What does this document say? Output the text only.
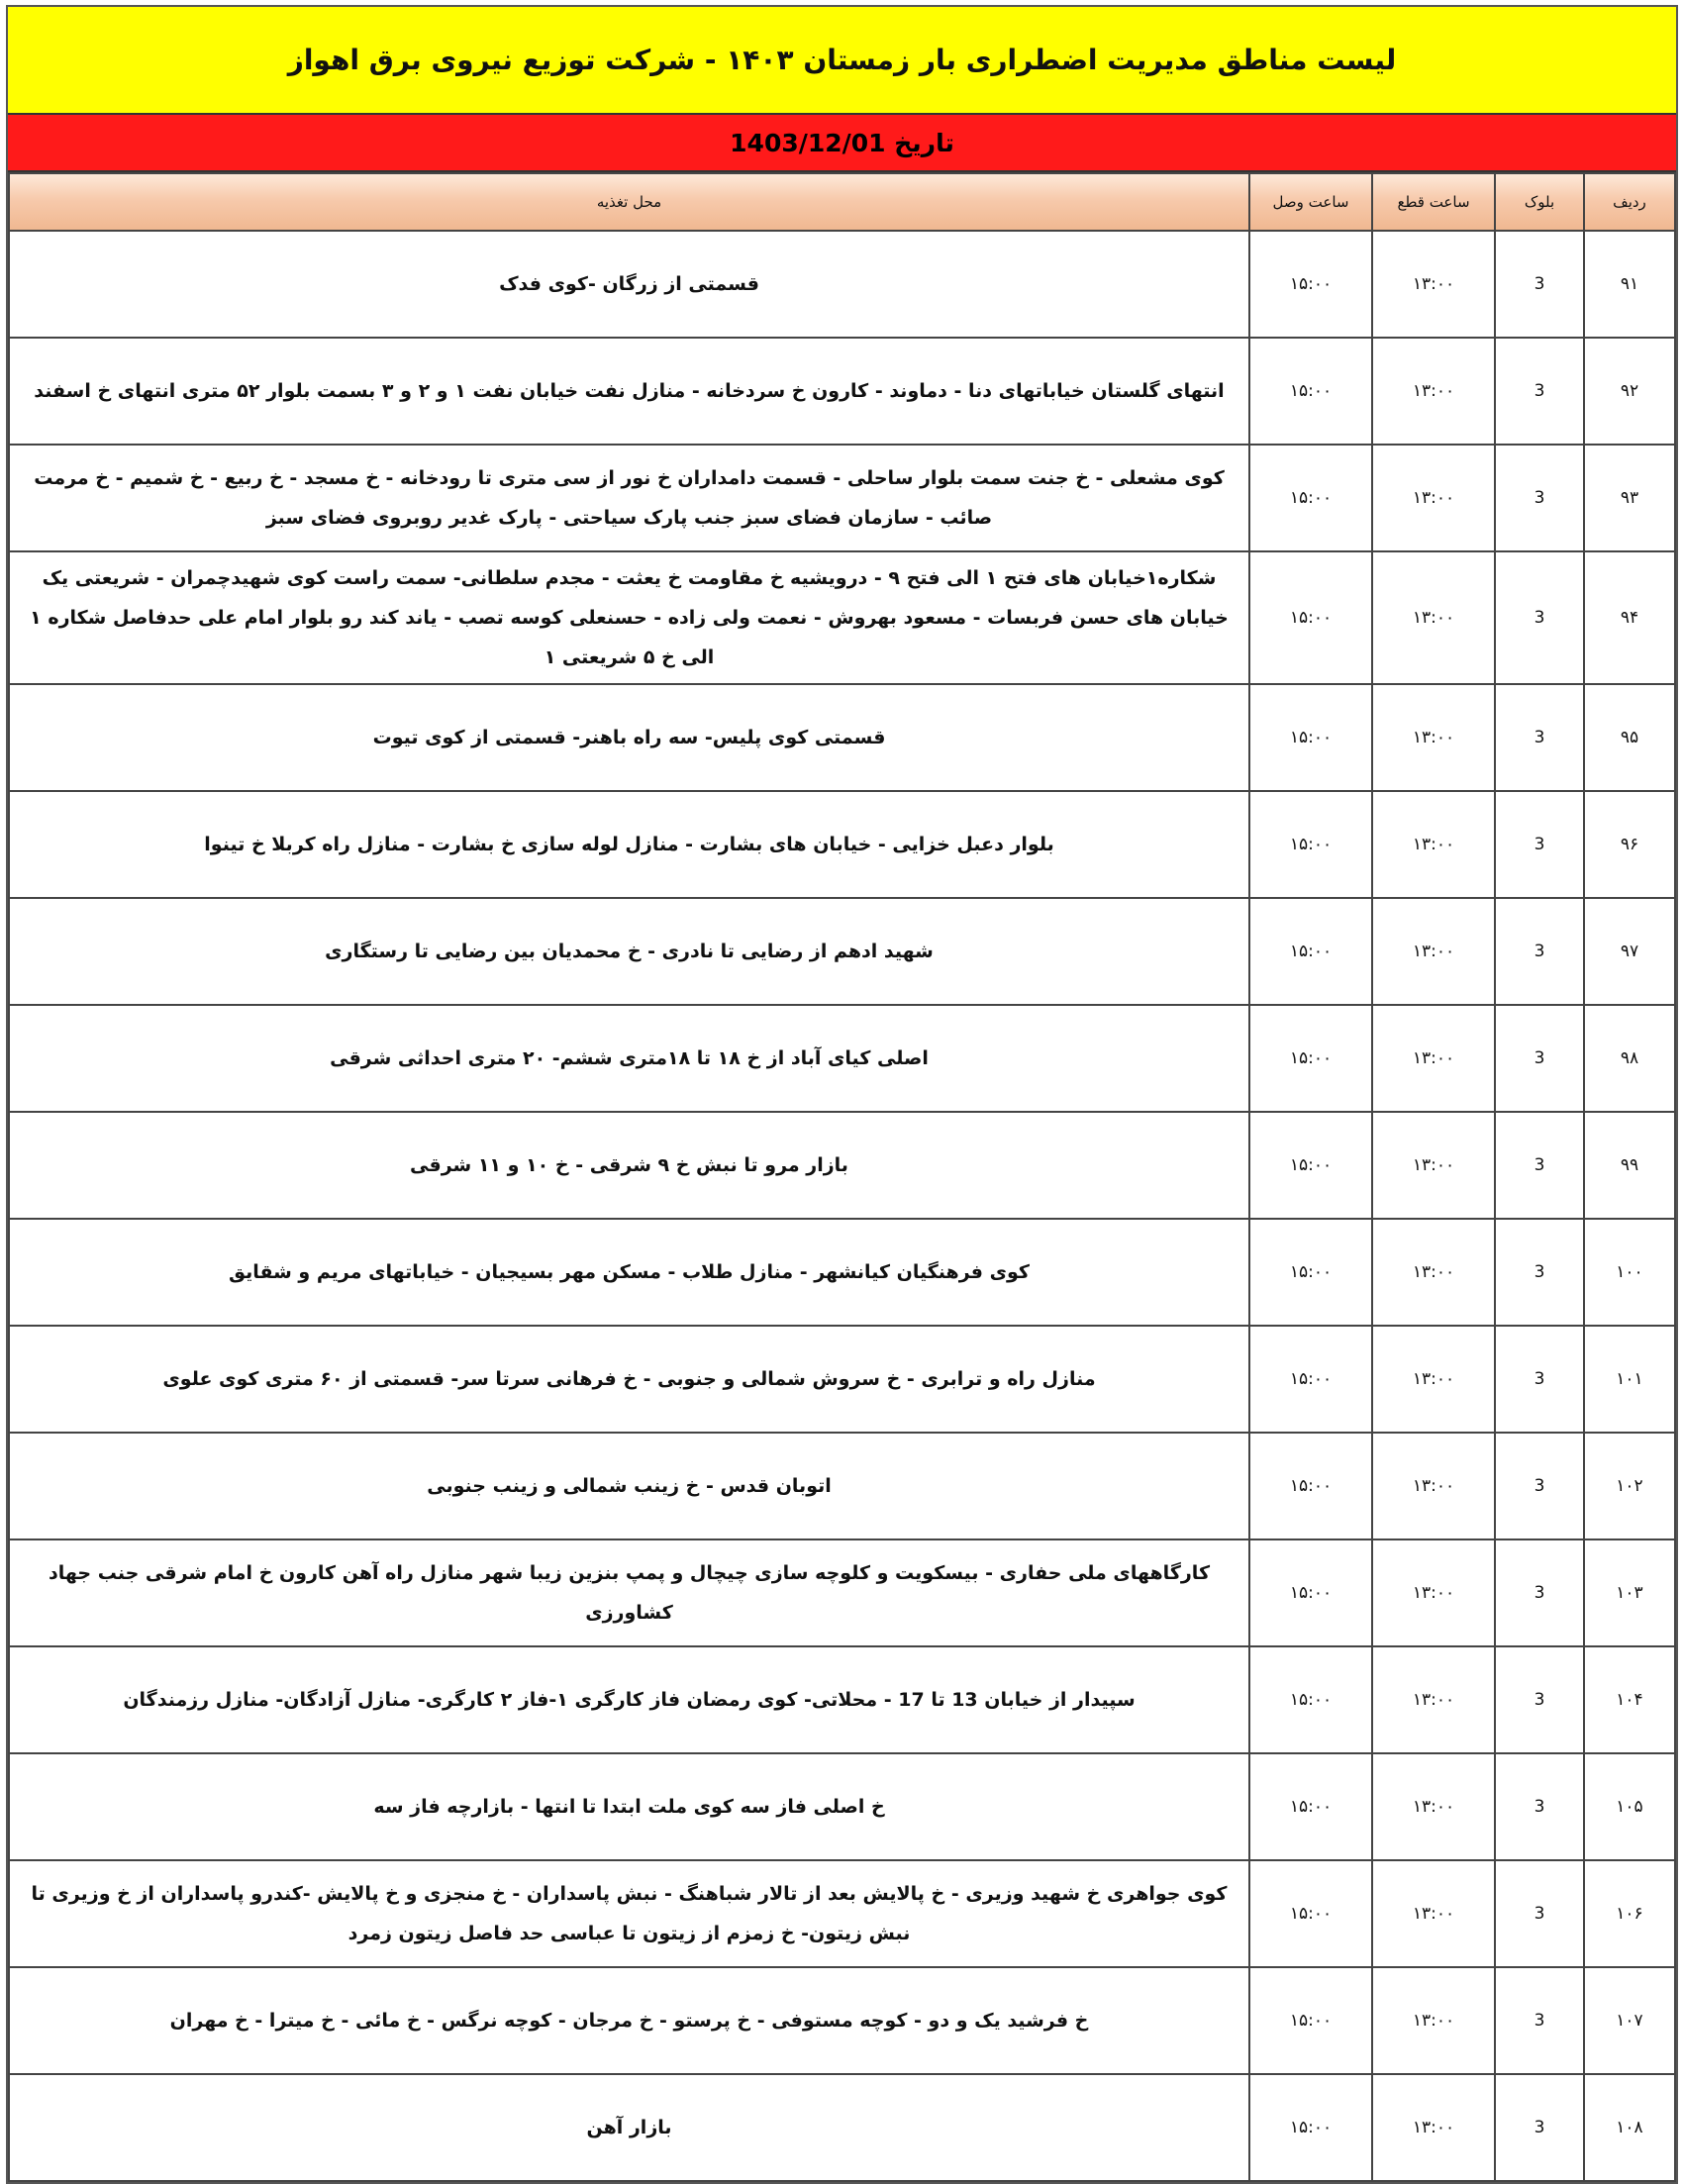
لیست مناطق مدیریت اضطراری بار زمستان ۱۴۰۳ - شرکت توزیع نیروی برق اهواز
تاریخ 1403/12/01
ردیف	بلوک	ساعت قطع	ساعت وصل	محل تغذیه
۹۱	3	۱۳:۰۰	۱۵:۰۰	قسمتی از زرگان -کوی فدک
۹۲	3	۱۳:۰۰	۱۵:۰۰	انتهای گلستان خیاباتهای دنا - دماوند - کارون خ سردخانه - منازل نفت خیابان نفت ۱ و ۲ و ۳ بسمت بلوار ۵۲ متری انتهای خ اسفند
۹۳	3	۱۳:۰۰	۱۵:۰۰	کوی مشعلی - خ جنت سمت بلوار ساحلی - قسمت دامداران خ نور از سی متری تا رودخانه - خ مسجد - خ ربیع - خ شمیم - خ مرمت صائب - سازمان فضای سبز جنب پارک سیاحتی - پارک غدیر روبروی فضای سبز
۹۴	3	۱۳:۰۰	۱۵:۰۰	شکاره۱خیابان های فتح ۱ الی فتح ۹ - درویشیه خ مقاومت خ یعثت - مجدم سلطانی- سمت راست کوی شهیدچمران - شریعتی یک خیابان های حسن فربسات - مسعود بهروش - نعمت ولی زاده - حسنعلی کوسه تصب - یاند کند رو بلوار امام علی حدفاصل شکاره ۱ الی خ ۵ شریعتی ۱
۹۵	3	۱۳:۰۰	۱۵:۰۰	قسمتی کوی پلیس- سه راه باهنر- قسمتی از کوی تیوت
۹۶	3	۱۳:۰۰	۱۵:۰۰	بلوار دعبل خزایی - خیابان های بشارت - منازل لوله سازی خ بشارت - منازل راه کربلا خ تینوا
۹۷	3	۱۳:۰۰	۱۵:۰۰	شهید ادهم از رضایی تا نادری - خ محمدیان بین رضایی تا رستگاری
۹۸	3	۱۳:۰۰	۱۵:۰۰	اصلی کیای آباد از خ ۱۸ تا ۱۸متری ششم- ۲۰ متری احداثی شرقی
۹۹	3	۱۳:۰۰	۱۵:۰۰	بازار مرو تا نبش خ ۹ شرقی - خ ۱۰ و ۱۱ شرقی
۱۰۰	3	۱۳:۰۰	۱۵:۰۰	کوی فرهنگیان کیانشهر - منازل طلاب - مسکن مهر بسیجیان - خیاباتهای مریم و شقایق
۱۰۱	3	۱۳:۰۰	۱۵:۰۰	منازل راه و ترابری - خ سروش شمالی و جنوبی - خ فرهانی سرتا سر- قسمتی از ۶۰ متری کوی علوی
۱۰۲	3	۱۳:۰۰	۱۵:۰۰	اتوبان قدس - خ زینب شمالی و زینب جنوبی
۱۰۳	3	۱۳:۰۰	۱۵:۰۰	کارگاههای ملی حفاری - بیسکویت و کلوچه سازی چیچال و پمپ بنزین زیبا شهر منازل راه آهن کارون خ امام شرقی جنب جهاد کشاورزی
۱۰۴	3	۱۳:۰۰	۱۵:۰۰	سپیدار از خیابان 13 تا 17 - محلاتی- کوی رمضان فاز کارگری ۱-فاز ۲ کارگری- منازل آزادگان- منازل رزمندگان
۱۰۵	3	۱۳:۰۰	۱۵:۰۰	خ اصلی فاز سه کوی ملت ابتدا تا انتها - بازارچه فاز سه
۱۰۶	3	۱۳:۰۰	۱۵:۰۰	کوی جواهری خ شهید وزیری - خ پالایش بعد از تالار شباهنگ - نبش پاسداران - خ منجزی و خ پالایش -کندرو پاسداران از خ وزیری تا نبش زیتون- خ زمزم از زیتون تا عباسی حد فاصل زیتون زمرد
۱۰۷	3	۱۳:۰۰	۱۵:۰۰	خ فرشید یک و دو - کوچه مستوفی - خ پرستو - خ مرجان - کوچه نرگس - خ مائی - خ میترا - خ مهران
۱۰۸	3	۱۳:۰۰	۱۵:۰۰	بازار آهن
